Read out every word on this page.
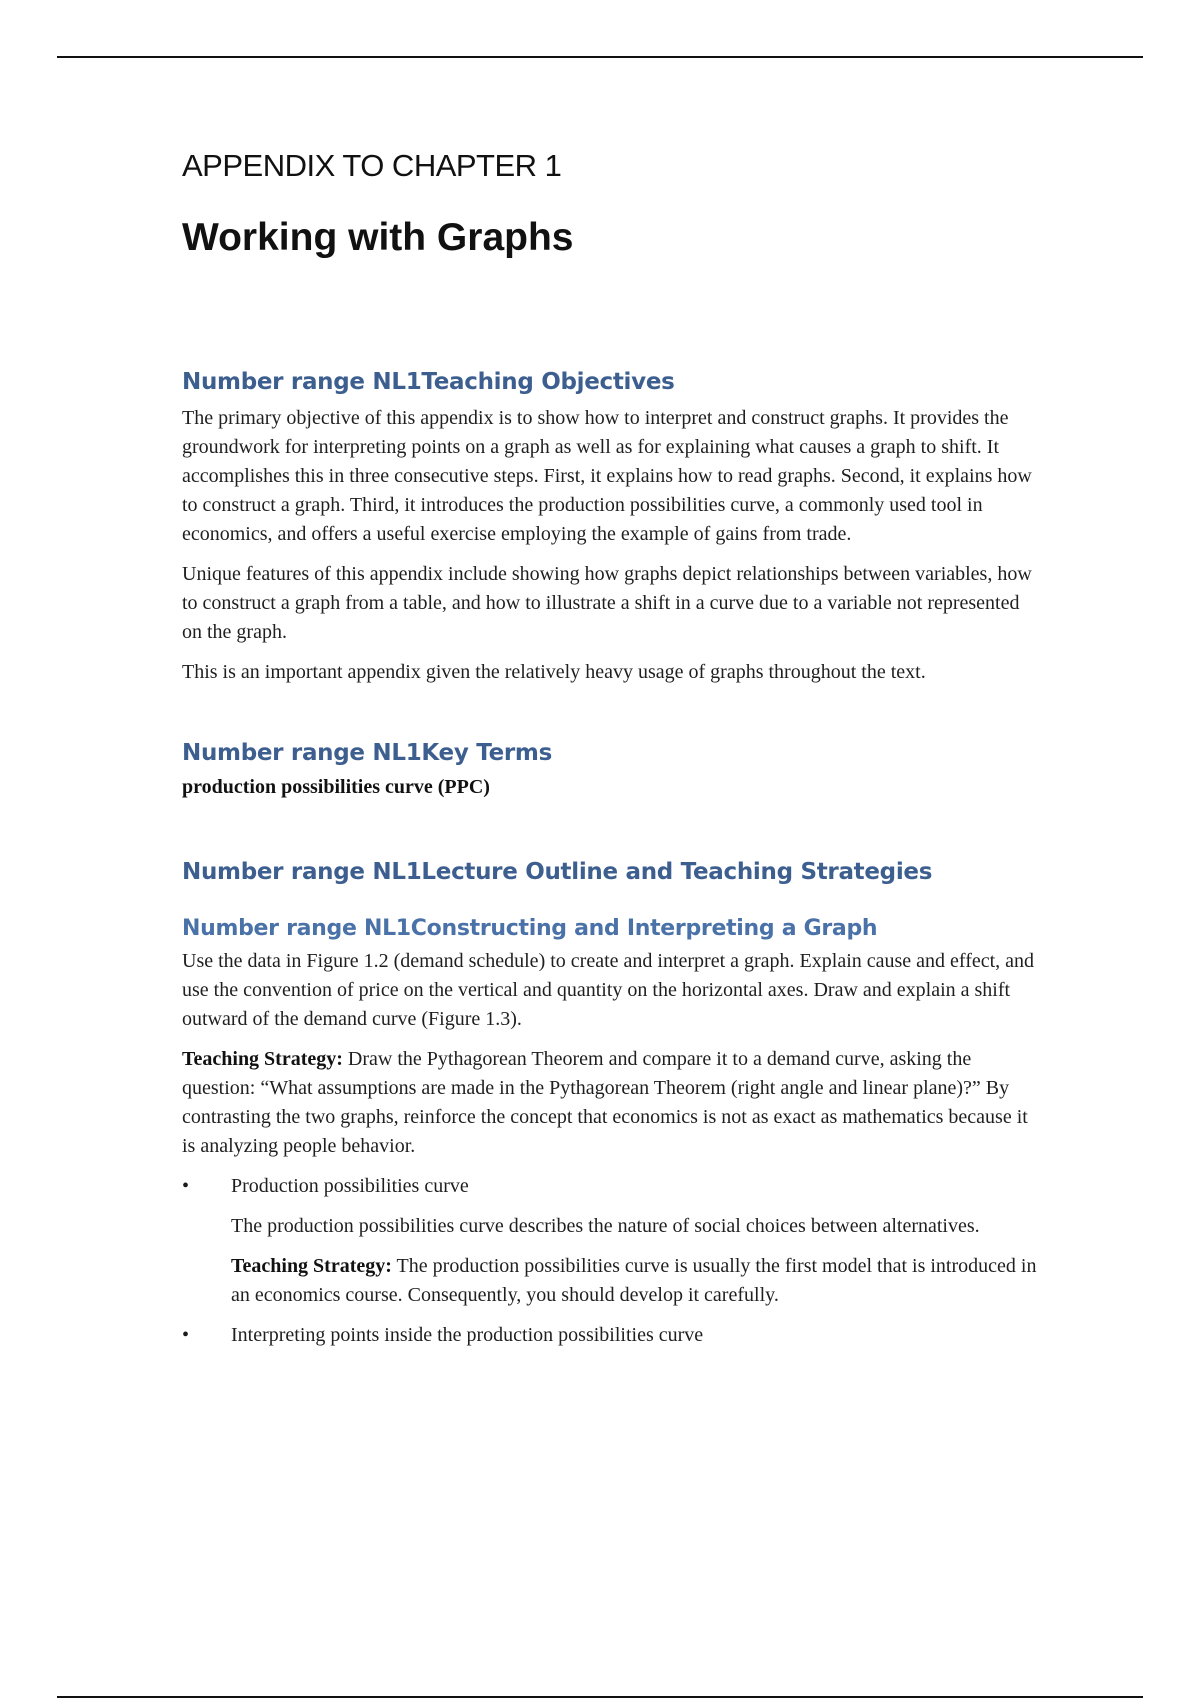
APPENDIX TO CHAPTER 1
Working with Graphs
Number range NL1Teaching Objectives

The primary objective of this appendix is to show how to interpret and construct graphs. It provides the groundwork for interpreting points on a graph as well as for explaining what causes a graph to shift. It accomplishes this in three consecutive steps. First, it explains how to read graphs. Second, it explains how to construct a graph. Third, it introduces the production possibilities curve, a commonly used tool in economics, and offers a useful exercise employing the example of gains from trade.

Unique features of this appendix include showing how graphs depict relationships between variables, how to construct a graph from a table, and how to illustrate a shift in a curve due to a variable not represented on the graph.

This is an important appendix given the relatively heavy usage of graphs throughout the text.

Number range NL1Key Terms

production possibilities curve (PPC)

Number range NL1Lecture Outline and Teaching Strategies
Number range NL1Constructing and Interpreting a Graph

Use the data in Figure 1.2 (demand schedule) to create and interpret a graph. Explain cause and effect, and use the convention of price on the vertical and quantity on the horizontal axes. Draw and explain a shift outward of the demand curve (Figure 1.3).

Teaching Strategy: Draw the Pythagorean Theorem and compare it to a demand curve, asking the question: “What assumptions are made in the Pythagorean Theorem (right angle and linear plane)?” By contrasting the two graphs, reinforce the concept that economics is not as exact as mathematics because it is analyzing people behavior.

• Production possibilities curve

The production possibilities curve describes the nature of social choices between alternatives.

Teaching Strategy: The production possibilities curve is usually the first model that is introduced in an economics course. Consequently, you should develop it carefully.

• Interpreting points inside the production possibilities curve
